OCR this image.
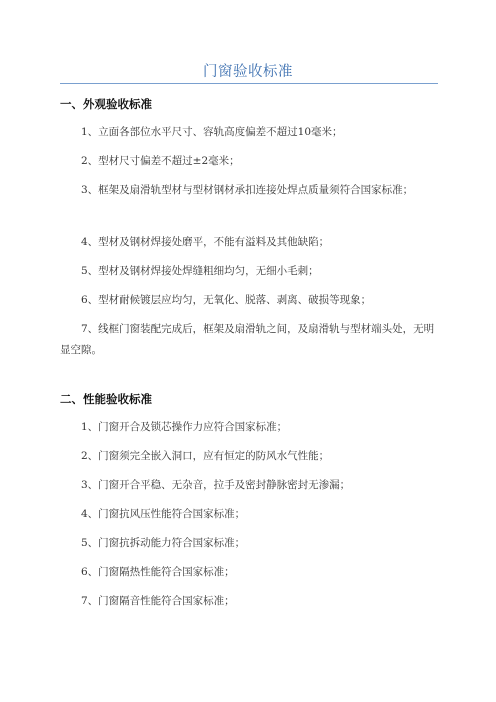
门窗验收标准
一、外观验收标准
1、立面各部位水平尺寸、容轨高度偏差不超过10毫米；
2、型材尺寸偏差不超过±2毫米；
3、框架及扇滑轨型材与型材钢材承扣连接处焊点质量须符合国家标准；
4、型材及钢材焊接处磨平，不能有溢料及其他缺陷；
5、型材及钢材焊接处焊缝粗细均匀，无细小毛刺；
6、型材耐候镀层应均匀，无氧化、脱落、剥离、破损等现象；
7、线框门窗装配完成后，框架及扇滑轨之间，及扇滑轨与型材端头处，无明显空隙。
二、性能验收标准
1、门窗开合及锁芯操作力应符合国家标准；
2、门窗须完全嵌入洞口，应有恒定的防风水气性能；
3、门窗开合平稳、无杂音，拉手及密封静脉密封无渗漏；
4、门窗抗风压性能符合国家标准；
5、门窗抗拆动能力符合国家标准；
6、门窗隔热性能符合国家标准；
7、门窗隔音性能符合国家标准；
